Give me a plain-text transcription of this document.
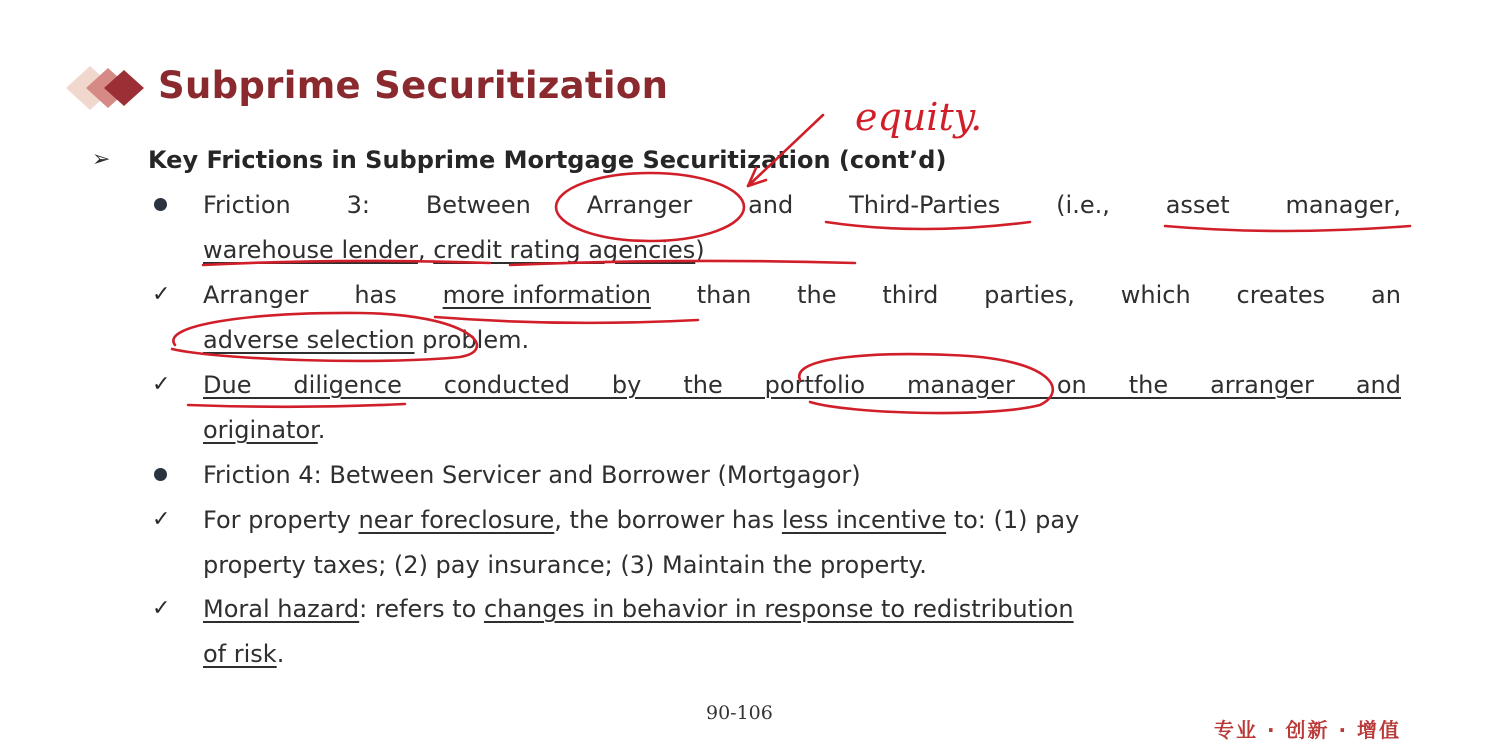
Subprime Securitization
➢ Key Frictions in Subprime Mortgage Securitization (cont’d)
Friction 3: Between Arranger and Third-Parties (i.e., asset manager,
warehouse lender, credit rating agencies)
✓ Arranger has more information than the third parties, which creates an
adverse selection problem.
✓ Due diligence conducted by the portfolio manager on the arranger and
originator.
Friction 4: Between Servicer and Borrower (Mortgagor)
✓ For property near foreclosure, the borrower has less incentive to: (1) pay
property taxes; (2) pay insurance; (3) Maintain the property.
✓ Moral hazard: refers to changes in behavior in response to redistribution
of risk.
90-106
专业 · 创新 · 增值
equity.
